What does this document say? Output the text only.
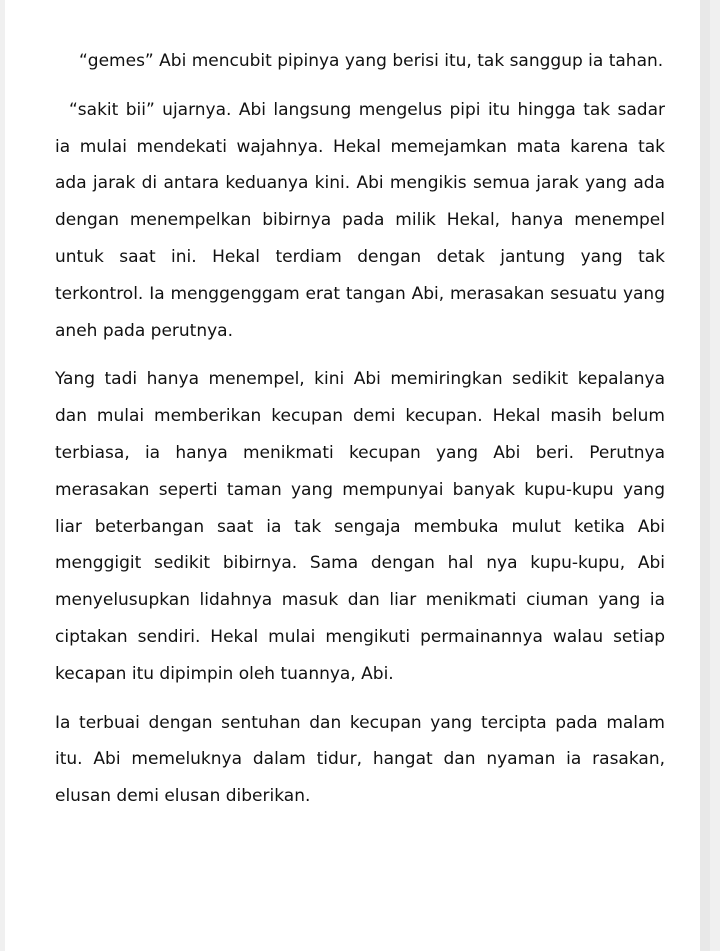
“gemes” Abi mencubit pipinya yang berisi itu, tak sanggup ia tahan.

“sakit bii” ujarnya. Abi langsung mengelus pipi itu hingga tak sadar ia mulai mendekati wajahnya. Hekal memejamkan mata karena tak ada jarak di antara keduanya kini. Abi mengikis semua jarak yang ada dengan menempelkan bibirnya pada milik Hekal, hanya menempel untuk saat ini. Hekal terdiam dengan detak jantung yang tak terkontrol. Ia menggenggam erat tangan Abi, merasakan sesuatu yang aneh pada perutnya.

Yang tadi hanya menempel, kini Abi memiringkan sedikit kepalanya dan mulai memberikan kecupan demi kecupan. Hekal masih belum terbiasa, ia hanya menikmati kecupan yang Abi beri. Perutnya merasakan seperti taman yang mempunyai banyak kupu-kupu yang liar beterbangan saat ia tak sengaja membuka mulut ketika Abi menggigit sedikit bibirnya. Sama dengan hal nya kupu-kupu, Abi menyelusupkan lidahnya masuk dan liar menikmati ciuman yang ia ciptakan sendiri. Hekal mulai mengikuti permainannya walau setiap kecapan itu dipimpin oleh tuannya, Abi.

Ia terbuai dengan sentuhan dan kecupan yang tercipta pada malam itu. Abi memeluknya dalam tidur, hangat dan nyaman ia rasakan, elusan demi elusan diberikan.
